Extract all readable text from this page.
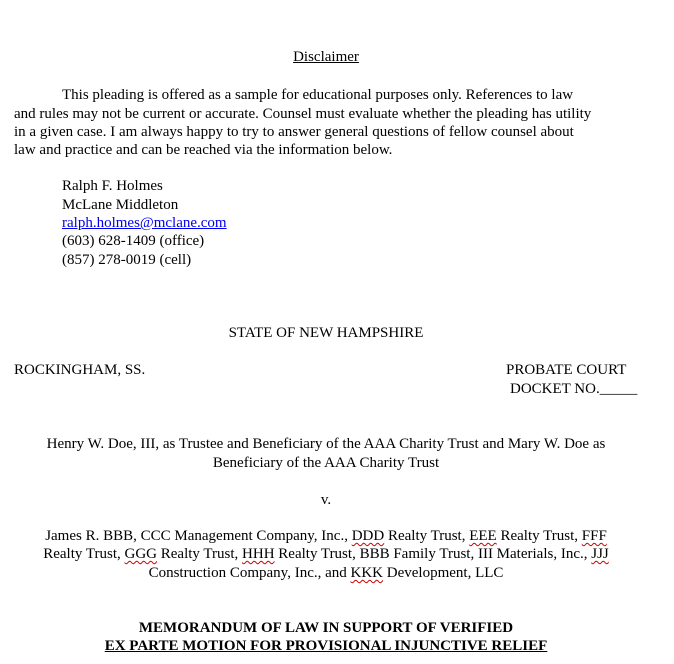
Disclaimer
This pleading is offered as a sample for educational purposes only. References to law
and rules may not be current or accurate. Counsel must evaluate whether the pleading has utility
in a given case. I am always happy to try to answer general questions of fellow counsel about
law and practice and can be reached via the information below.
Ralph F. Holmes
McLane Middleton
ralph.holmes@mclane.com
(603) 628-1409 (office)
(857) 278-0019 (cell)
STATE OF NEW HAMPSHIRE
ROCKINGHAM, SS.	PROBATE COURT
DOCKET NO._____
Henry W. Doe, III, as Trustee and Beneficiary of the AAA Charity Trust and Mary W. Doe as
Beneficiary of the AAA Charity Trust
v.
James R. BBB, CCC Management Company, Inc., DDD Realty Trust, EEE Realty Trust, FFF
Realty Trust, GGG Realty Trust, HHH Realty Trust, BBB Family Trust, III Materials, Inc., JJJ
Construction Company, Inc., and KKK Development, LLC
MEMORANDUM OF LAW IN SUPPORT OF VERIFIED
EX PARTE MOTION FOR PROVISIONAL INJUNCTIVE RELIEF
